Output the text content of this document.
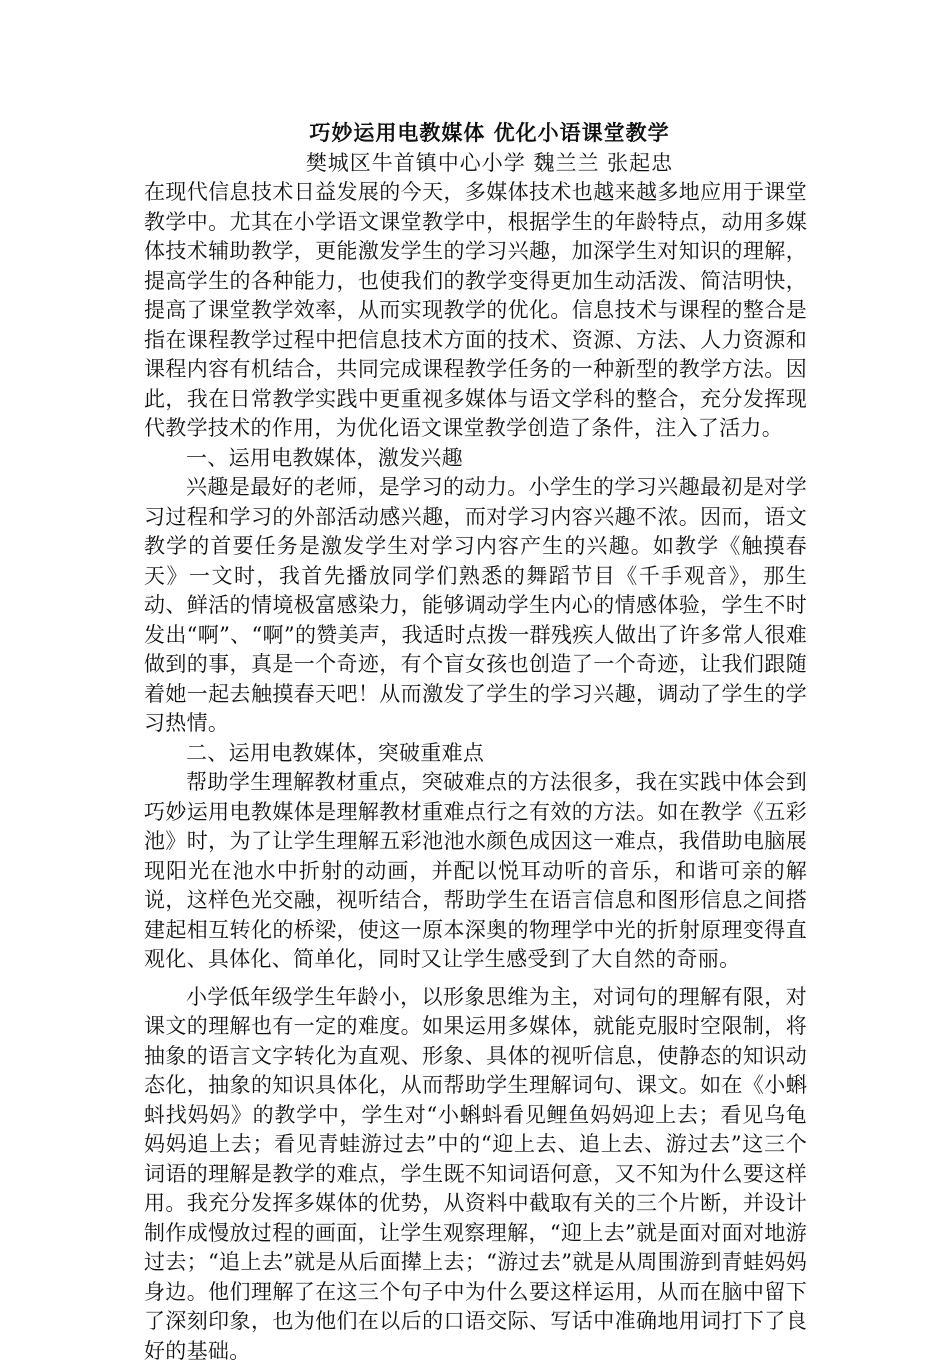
巧妙运用电教媒体 优化小语课堂教学
樊城区牛首镇中心小学 魏兰兰 张起忠

在现代信息技术日益发展的今天，多媒体技术也越来越多地应用于课堂教学中。尤其在小学语文课堂教学中，根据学生的年龄特点，动用多媒体技术辅助教学，更能激发学生的学习兴趣，加深学生对知识的理解，提高学生的各种能力，也使我们的教学变得更加生动活泼、简洁明快，提高了课堂教学效率，从而实现教学的优化。信息技术与课程的整合是指在课程教学过程中把信息技术方面的技术、资源、方法、人力资源和课程内容有机结合，共同完成课程教学任务的一种新型的教学方法。因此，我在日常教学实践中更重视多媒体与语文学科的整合，充分发挥现代教学技术的作用，为优化语文课堂教学创造了条件，注入了活力。

一、运用电教媒体，激发兴趣

兴趣是最好的老师，是学习的动力。小学生的学习兴趣最初是对学习过程和学习的外部活动感兴趣，而对学习内容兴趣不浓。因而，语文教学的首要任务是激发学生对学习内容产生的兴趣。如教学《触摸春天》一文时，我首先播放同学们熟悉的舞蹈节目《千手观音》，那生动、鲜活的情境极富感染力，能够调动学生内心的情感体验，学生不时发出“啊”、“啊”的赞美声，我适时点拨一群残疾人做出了许多常人很难做到的事，真是一个奇迹，有个盲女孩也创造了一个奇迹，让我们跟随着她一起去触摸春天吧！从而激发了学生的学习兴趣，调动了学生的学习热情。

二、运用电教媒体，突破重难点

帮助学生理解教材重点，突破难点的方法很多，我在实践中体会到巧妙运用电教媒体是理解教材重难点行之有效的方法。如在教学《五彩池》时，为了让学生理解五彩池池水颜色成因这一难点，我借助电脑展现阳光在池水中折射的动画，并配以悦耳动听的音乐，和谐可亲的解说，这样色光交融，视听结合，帮助学生在语言信息和图形信息之间搭建起相互转化的桥梁，使这一原本深奥的物理学中光的折射原理变得直观化、具体化、简单化，同时又让学生感受到了大自然的奇丽。

小学低年级学生年龄小，以形象思维为主，对词句的理解有限，对课文的理解也有一定的难度。如果运用多媒体，就能克服时空限制，将抽象的语言文字转化为直观、形象、具体的视听信息，使静态的知识动态化，抽象的知识具体化，从而帮助学生理解词句、课文。如在《小蝌蚪找妈妈》的教学中，学生对“小蝌蚪看见鲤鱼妈妈迎上去；看见乌龟妈妈追上去；看见青蛙游过去”中的“迎上去、追上去、游过去”这三个词语的理解是教学的难点，学生既不知词语何意，又不知为什么要这样用。我充分发挥多媒体的优势，从资料中截取有关的三个片断，并设计制作成慢放过程的画面，让学生观察理解，“迎上去”就是面对面对地游过去；“追上去”就是从后面撵上去；“游过去”就是从周围游到青蛙妈妈身边。他们理解了在这三个句子中为什么要这样运用，从而在脑中留下了深刻印象，也为他们在以后的口语交际、写话中准确地用词打下了良好的基础。
